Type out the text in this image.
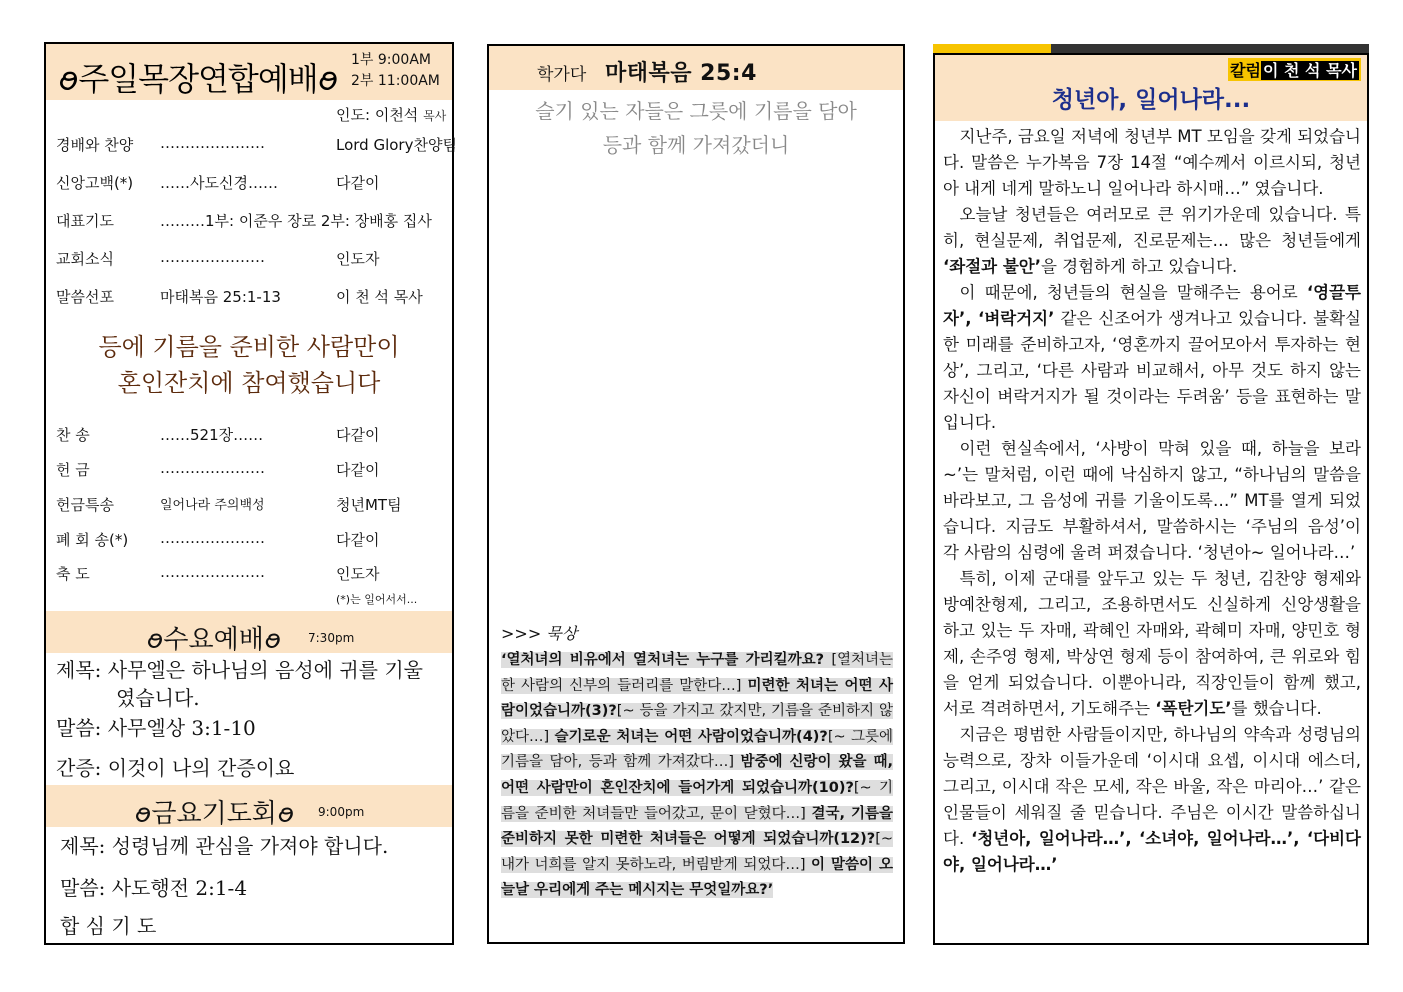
ꪮ주일목장연합예배ꪮ 1부 9:00AM
2부 11:00AM
인도: 이천석 목사
경배와 찬양 …………………	Lord Glory찬양팀
신앙고백(*) ……사도신경……	다같이
대표기도	………1부: 이준우 장로 2부: 장배홍 집사
교회소식	…………………	인도자
말씀선포	마태복음 25:1-13	이 천 석 목사
등에 기름을 준비한 사람만이
혼인잔치에 참여했습니다
찬 송	……521장……	다같이
헌 금	…………………	다같이
헌금특송	일어나라 주의백성	청년MT팀
폐 회 송(*) …………………	다같이
축 도	…………………	인도자
(*)는 일어서서...
ꪮ수요예배ꪮ 7:30pm
제목: 사무엘은 하나님의 음성에 귀를 기울였습니다.
말씀: 사무엘상 3:1-10
간증: 이것이 나의 간증이요
ꪮ금요기도회ꪮ 9:00pm
제목: 성령님께 관심을 가져야 합니다.
말씀: 사도행전 2:1-4
합 심 기 도
학가다 마태복음 25:4
슬기 있는 자들은 그릇에 기름을 담아
등과 함께 가져갔더니
>>> 묵상
‘열처녀의 비유에서 열처녀는 누구를 가리킬까요? [열처녀는 한 사람의 신부의 들러리를 말한다…] 미련한 처녀는 어떤 사람이었습니까(3)?[~ 등을 가지고 갔지만, 기름을 준비하지 않았다…] 슬기로운 처녀는 어떤 사람이었습니까(4)?[~ 그릇에 기름을 담아, 등과 함께 가져갔다…] 밤중에 신랑이 왔을 때, 어떤 사람만이 혼인잔치에 들어가게 되었습니까(10)?[~ 기름을 준비한 처녀들만 들어갔고, 문이 닫혔다…] 결국, 기름을 준비하지 못한 미련한 처녀들은 어떻게 되었습니까(12)?[~ 내가 너희를 알지 못하노라, 버림받게 되었다…] 이 말씀이 오늘날 우리에게 주는 메시지는 무엇일까요?’
칼럼 이 천 석 목사
청년아, 일어나라...

지난주, 금요일 저녁에 청년부 MT 모임을 갖게 되었습니다. 말씀은 누가복음 7장 14절 “예수께서 이르시되, 청년아 내게 네게 말하노니 일어나라 하시매…” 였습니다.

오늘날 청년들은 여러모로 큰 위기가운데 있습니다. 특히, 현실문제, 취업문제, 진로문제는… 많은 청년들에게 ‘좌절과 불안’을 경험하게 하고 있습니다.

이 때문에, 청년들의 현실을 말해주는 용어로 ‘영끌투자’, ‘벼락거지’ 같은 신조어가 생겨나고 있습니다. 불확실한 미래를 준비하고자, ‘영혼까지 끌어모아서 투자하는 현상’, 그리고, ‘다른 사람과 비교해서, 아무 것도 하지 않는 자신이 벼락거지가 될 것이라는 두려움’ 등을 표현하는 말입니다.

이런 현실속에서, ‘사방이 막혀 있을 때, 하늘을 보라~’는 말처럼, 이런 때에 낙심하지 않고, “하나님의 말씀을 바라보고, 그 음성에 귀를 기울이도록…” MT를 열게 되었습니다. 지금도 부활하셔서, 말씀하시는 ‘주님의 음성’이 각 사람의 심령에 울려 퍼졌습니다. ‘청년아~ 일어나라…’

특히, 이제 군대를 앞두고 있는 두 청년, 김찬양 형제와 방예찬형제, 그리고, 조용하면서도 신실하게 신앙생활을 하고 있는 두 자매, 곽혜인 자매와, 곽혜미 자매, 양민호 형제, 손주영 형제, 박상연 형제 등이 참여하여, 큰 위로와 힘을 얻게 되었습니다. 이뿐아니라, 직장인들이 함께 했고, 서로 격려하면서, 기도해주는 ‘폭탄기도’를 했습니다.

지금은 평범한 사람들이지만, 하나님의 약속과 성령님의 능력으로, 장차 이들가운데 ‘이시대 요셉, 이시대 에스더, 그리고, 이시대 작은 모세, 작은 바울, 작은 마리아…’ 같은 인물들이 세워질 줄 믿습니다. 주님은 이시간 말씀하십니다. ‘청년아, 일어나라…’, ‘소녀야, 일어나라…’, ‘다비다야, 일어나라…’
